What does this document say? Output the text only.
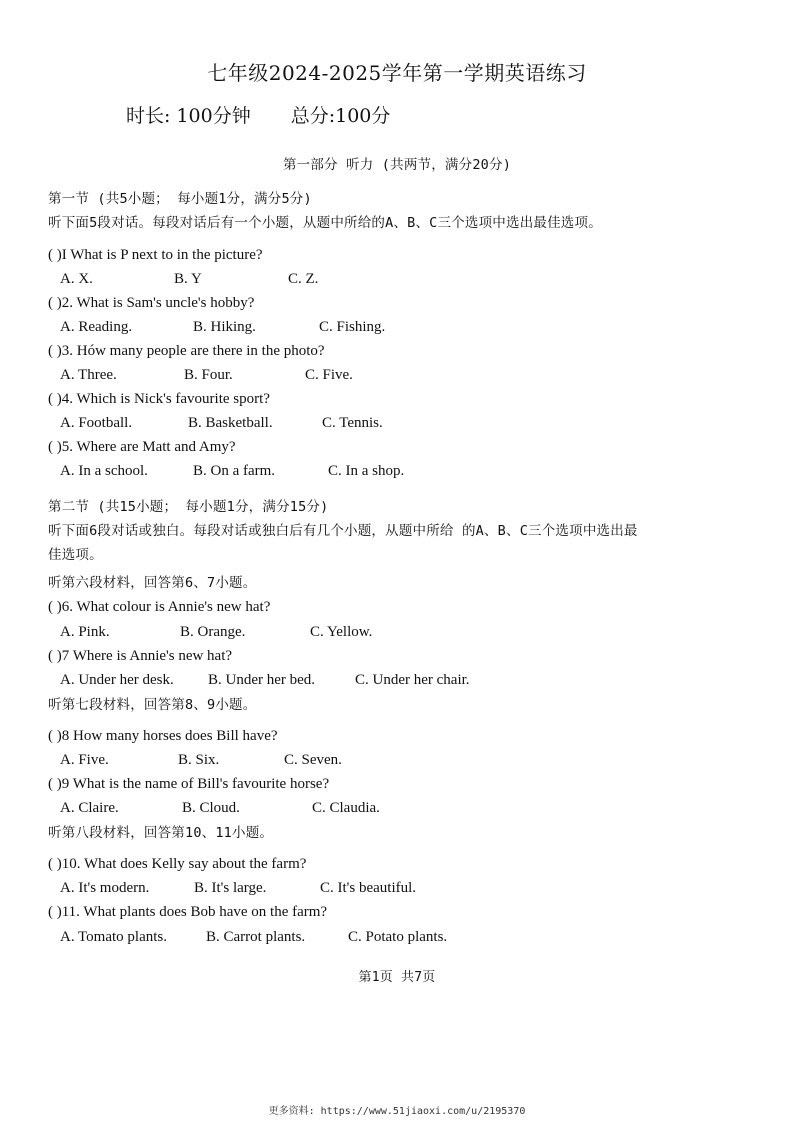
七年级2024-2025学年第一学期英语练习
时长: 100分钟 总分:100分
第一部分 听力 (共两节，满分20分)
第一节 (共5小题； 每小题1分，满分5分)
听下面5段对话。每段对话后有一个小题，从题中所给的A、B、C三个选项中选出最佳选项。
( )I What is P next to in the picture?
A. X.	B. Y	C. Z.
( )2. What is Sam's uncle's hobby?
A. Reading.	B. Hiking.	C. Fishing.
( )3. Hów many people are there in the photo?
A. Three.	B. Four.	C. Five.
( )4. Which is Nick's favourite sport?
A. Football.	B. Basketball.	C. Tennis.
( )5. Where are Matt and Amy?
A. In a school.	B. On a farm.	C. In a shop.
第二节 (共15小题； 每小题1分，满分15分)
听下面6段对话或独白。每段对话或独白后有几个小题，从题中所给 的A、B、C三个选项中选出最
佳选项。
听第六段材料，回答第6、7小题。
( )6. What colour is Annie's new hat?
A. Pink.	B. Orange.	C. Yellow.
( )7 Where is Annie's new hat?
A. Under her desk. B. Under her bed.	C. Under her chair.
听第七段材料，回答第8、9小题。
( )8 How many horses does Bill have?
A. Five.	B. Six.	C. Seven.
( )9 What is the name of Bill's favourite horse?
A. Claire.	B. Cloud.	C. Claudia.
听第八段材料，回答第10、11小题。
( )10. What does Kelly say about the farm?
A. It's modern.	B. It's large.	C. It's beautiful.
( )11. What plants does Bob have on the farm?
A. Tomato plants.	B. Carrot plants.	C. Potato plants.
第1页 共7页
更多资料: https://www.51jiaoxi.com/u/2195370
